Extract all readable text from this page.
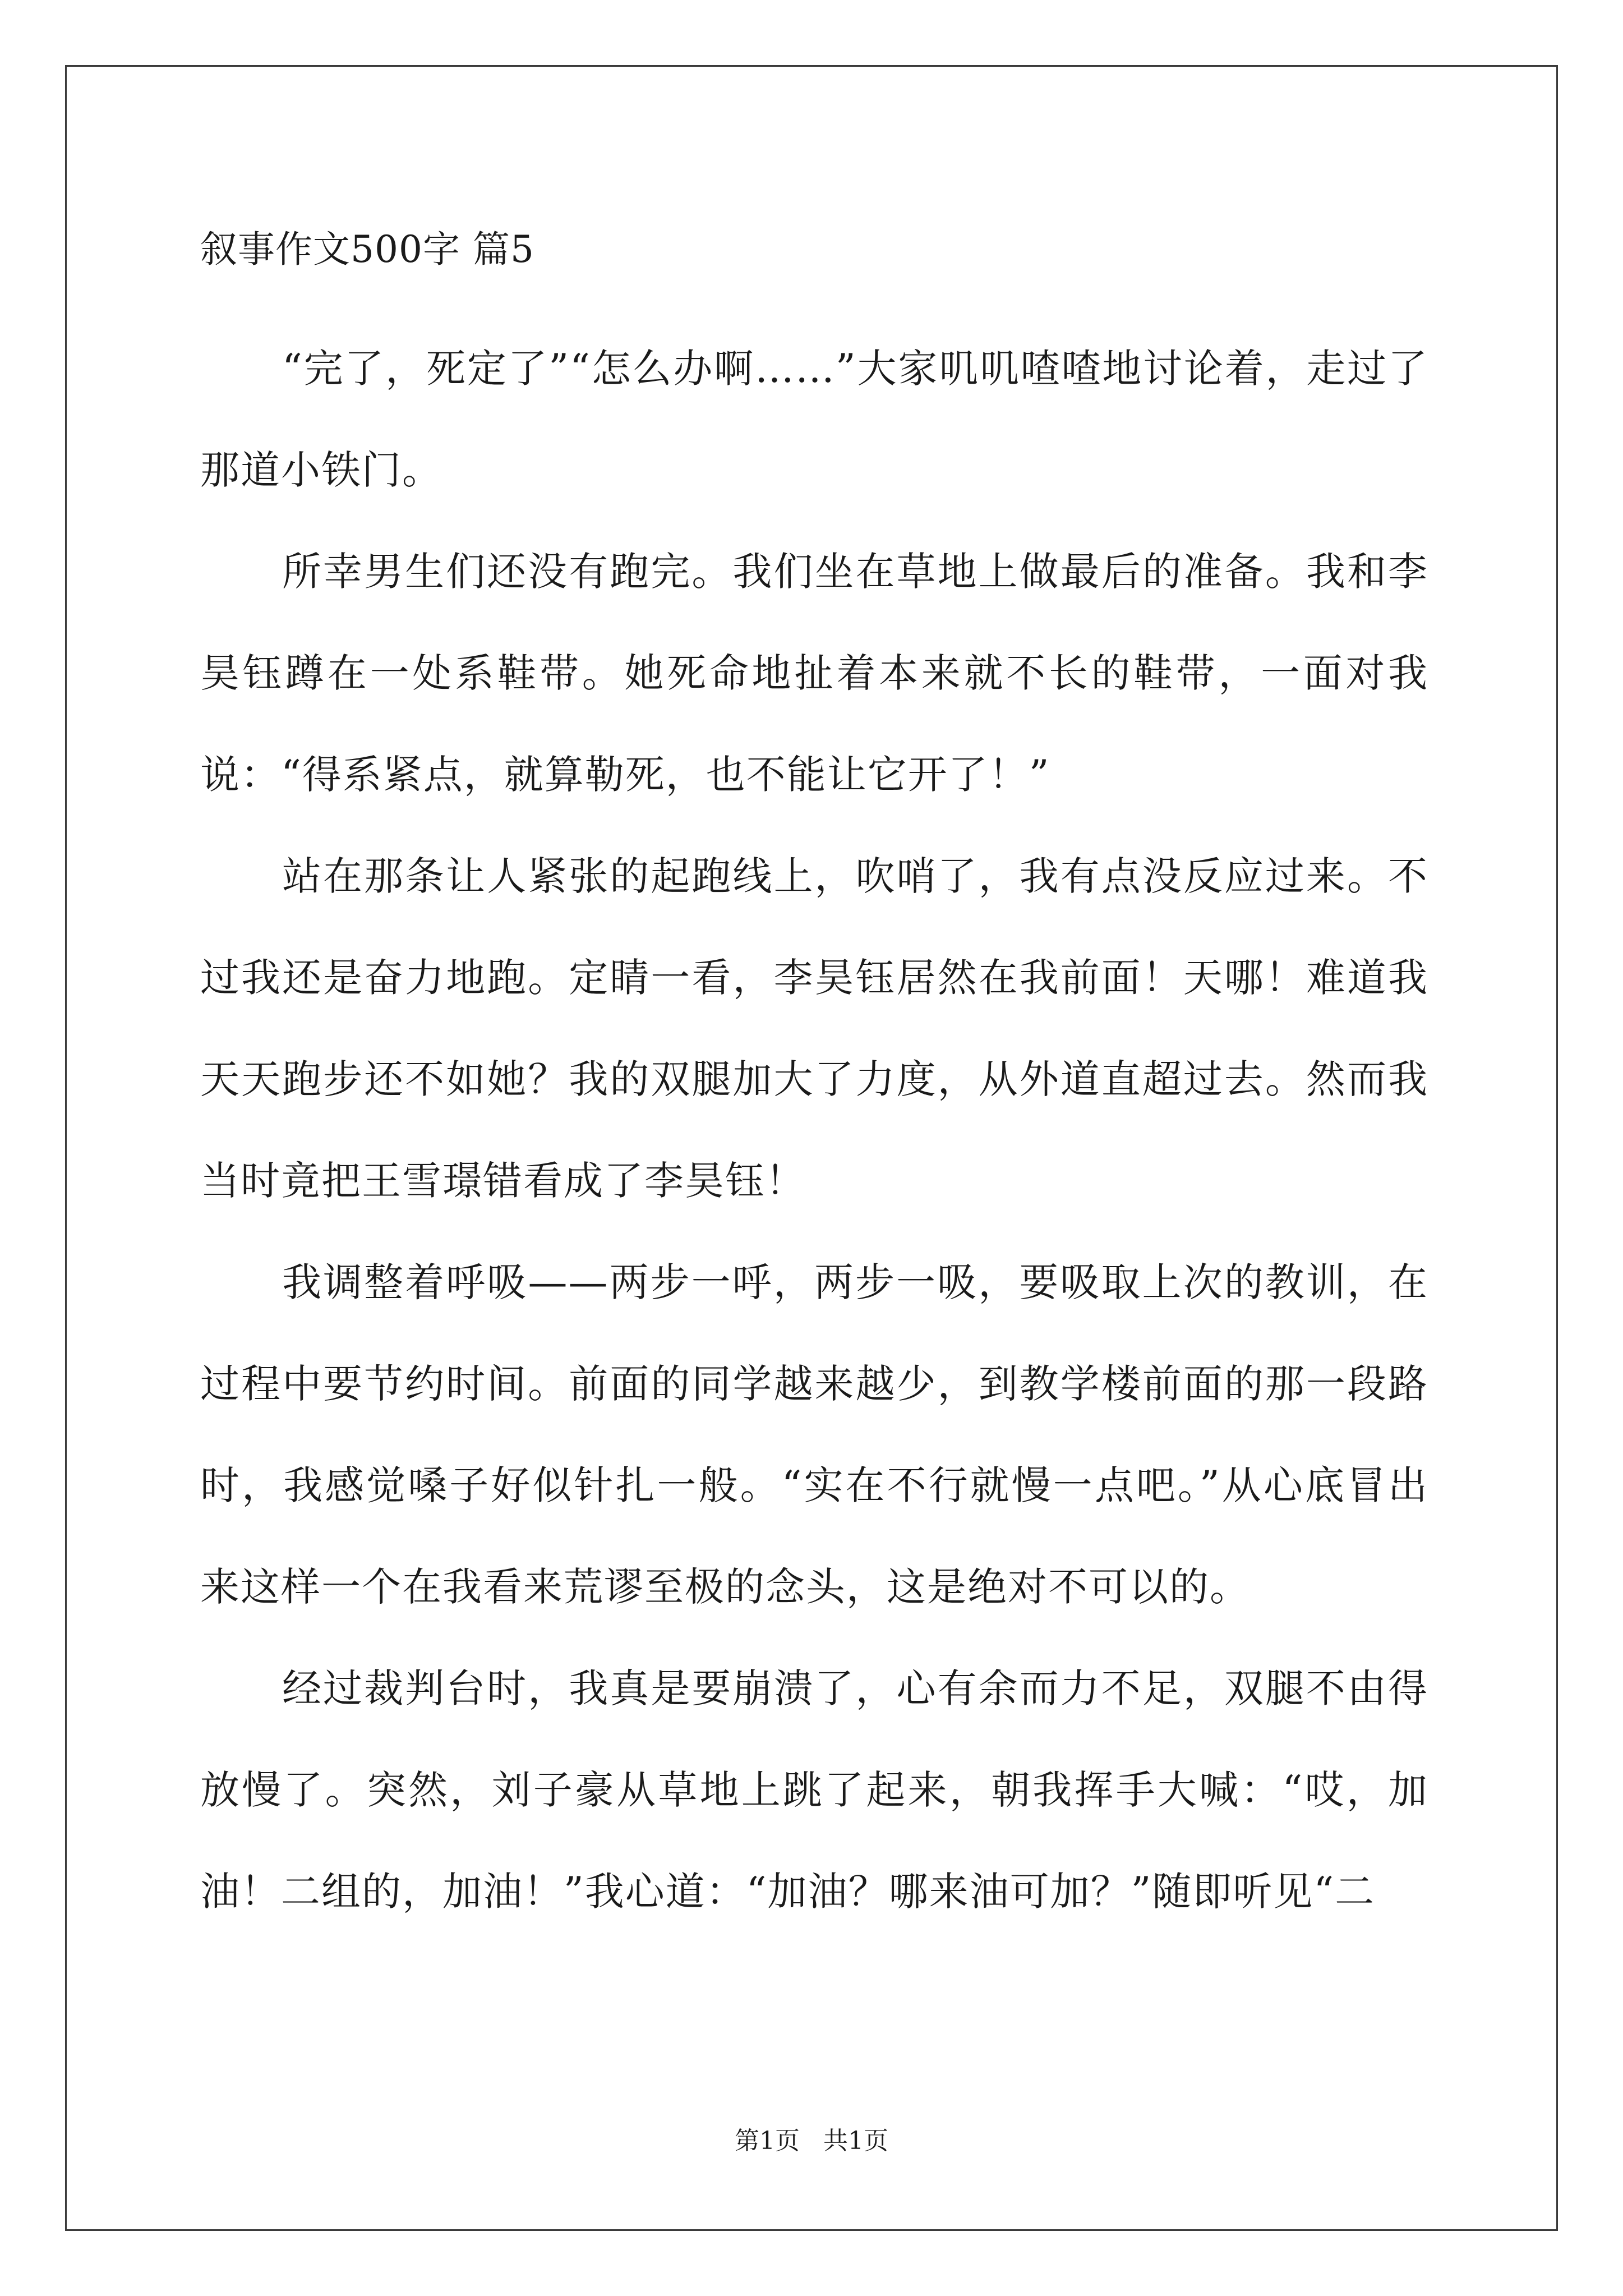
叙事作文500字 篇5

“完了，死定了”“怎么办啊……”大家叽叽喳喳地讨论着，走过了那道小铁门。

所幸男生们还没有跑完。我们坐在草地上做最后的准备。我和李昊钰蹲在一处系鞋带。她死命地扯着本来就不长的鞋带，一面对我说：“得系紧点，就算勒死，也不能让它开了！”

站在那条让人紧张的起跑线上，吹哨了，我有点没反应过来。不过我还是奋力地跑。定睛一看，李昊钰居然在我前面！天哪！难道我天天跑步还不如她？我的双腿加大了力度，从外道直超过去。然而我当时竟把王雪璟错看成了李昊钰！

我调整着呼吸——两步一呼，两步一吸，要吸取上次的教训，在过程中要节约时间。前面的同学越来越少，到教学楼前面的那一段路时，我感觉嗓子好似针扎一般。“实在不行就慢一点吧。”从心底冒出来这样一个在我看来荒谬至极的念头，这是绝对不可以的。

经过裁判台时，我真是要崩溃了，心有余而力不足，双腿不由得放慢了。突然，刘子豪从草地上跳了起来，朝我挥手大喊：“哎，加油！二组的，加油！”我心道：“加油？哪来油可加？”随即听见“二

第1页   共1页
